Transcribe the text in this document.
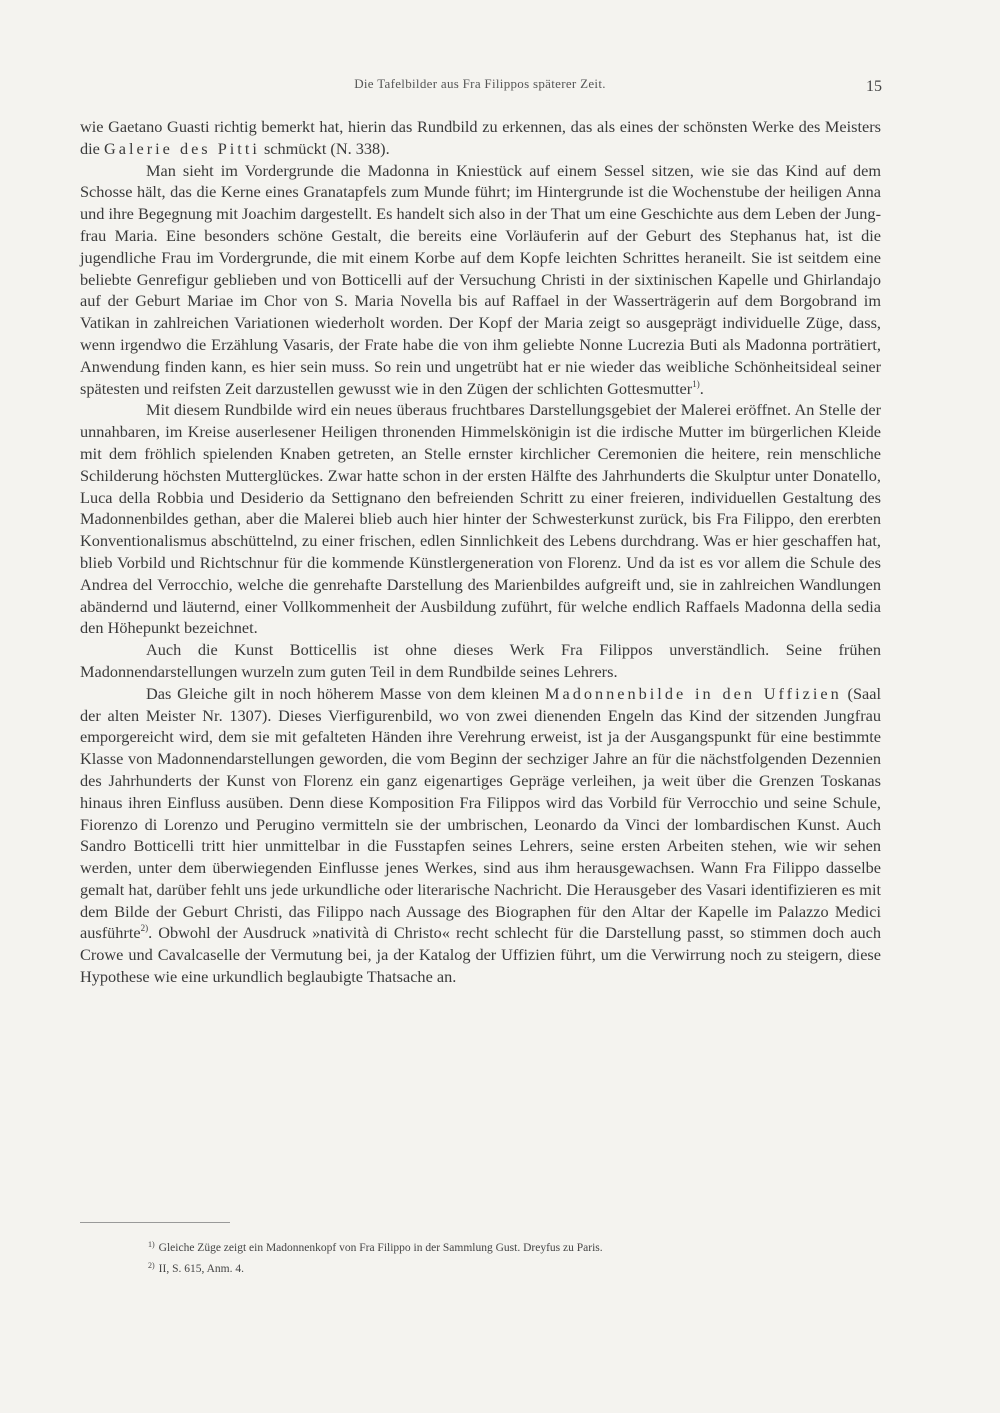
Die Tafelbilder aus Fra Filippos späterer Zeit.	15

wie Gaetano Guasti richtig bemerkt hat, hierin das Rundbild zu erkennen, das als eines der schönsten Werke des Meisters die Galerie des Pitti schmückt (N. 338).

Man sieht im Vordergrunde die Madonna in Kniestück auf einem Sessel sitzen, wie sie das Kind auf dem Schosse hält, das die Kerne eines Granatapfels zum Munde führt; im Hintergrunde ist die Wochenstube der heiligen Anna und ihre Begegnung mit Joachim dargestellt. Es handelt sich also in der That um eine Geschichte aus dem Leben der Jungfrau Maria. Eine besonders schöne Gestalt, die bereits eine Vorläuferin auf der Geburt des Stephanus hat, ist die jugendliche Frau im Vordergrunde, die mit einem Korbe auf dem Kopfe leichten Schrittes heraneilt. Sie ist seitdem eine beliebte Genrefigur geblieben und von Botticelli auf der Versuchung Christi in der sixtinischen Kapelle und Ghirlandajo auf der Geburt Mariae im Chor von S. Maria Novella bis auf Raffael in der Wasserträgerin auf dem Borgobrand im Vatikan in zahlreichen Variationen wiederholt worden. Der Kopf der Maria zeigt so ausgeprägt individuelle Züge, dass, wenn irgendwo die Erzählung Vasaris, der Frate habe die von ihm geliebte Nonne Lucrezia Buti als Madonna porträtiert, Anwendung finden kann, es hier sein muss. So rein und ungetrübt hat er nie wieder das weibliche Schönheitsideal seiner spätesten und reifsten Zeit darzustellen gewusst wie in den Zügen der schlichten Gottesmutter$^{1)}$.

Mit diesem Rundbilde wird ein neues überaus fruchtbares Darstellungsgebiet der Malerei eröffnet. An Stelle der unnahbaren, im Kreise auserlesener Heiligen thronenden Himmelskönigin ist die irdische Mutter im bürgerlichen Kleide mit dem fröhlich spielenden Knaben getreten, an Stelle ernster kirchlicher Ceremonien die heitere, rein menschliche Schilderung höchsten Mutterglückes. Zwar hatte schon in der ersten Hälfte des Jahrhunderts die Skulptur unter Donatello, Luca della Robbia und Desiderio da Settignano den befreienden Schritt zu einer freieren, individuellen Gestaltung des Madonnenbildes gethan, aber die Malerei blieb auch hier hinter der Schwesterkunst zurück, bis Fra Filippo, den ererbten Konventionalismus abschüttelnd, zu einer frischen, edlen Sinnlichkeit des Lebens durchdrang. Was er hier geschaffen hat, blieb Vorbild und Richtschnur für die kommende Künstlergeneration von Florenz. Und da ist es vor allem die Schule des Andrea del Verrocchio, welche die genrehafte Darstellung des Marienbildes aufgreift und, sie in zahlreichen Wandlungen abändernd und läuternd, einer Vollkommenheit der Ausbildung zuführt, für welche endlich Raffaels Madonna della sedia den Höhepunkt bezeichnet.

Auch die Kunst Botticellis ist ohne dieses Werk Fra Filippos unverständlich. Seine frühen Madonnendarstellungen wurzeln zum guten Teil in dem Rundbilde seines Lehrers.

Das Gleiche gilt in noch höherem Masse von dem kleinen Madonnenbilde in den Uffizien (Saal der alten Meister Nr. 1307). Dieses Vierfigurenbild, wo von zwei dienenden Engeln das Kind der sitzenden Jungfrau emporgereicht wird, dem sie mit gefalteten Händen ihre Verehrung erweist, ist ja der Ausgangspunkt für eine bestimmte Klasse von Madonnendarstellungen geworden, die vom Beginn der sechziger Jahre an für die nächstfolgenden Dezennien des Jahrhunderts der Kunst von Florenz ein ganz eigenartiges Gepräge verleihen, ja weit über die Grenzen Toskanas hinaus ihren Einfluss ausüben. Denn diese Komposition Fra Filippos wird das Vorbild für Verrocchio und seine Schule, Fiorenzo di Lorenzo und Perugino vermitteln sie der umbrischen, Leonardo da Vinci der lombardischen Kunst. Auch Sandro Botticelli tritt hier unmittelbar in die Fusstapfen seines Lehrers, seine ersten Arbeiten stehen, wie wir sehen werden, unter dem überwiegenden Einflusse jenes Werkes, sind aus ihm herausgewachsen. Wann Fra Filippo dasselbe gemalt hat, darüber fehlt uns jede urkundliche oder literarische Nachricht. Die Herausgeber des Vasari identifizieren es mit dem Bilde der Geburt Christi, das Filippo nach Aussage des Biographen für den Altar der Kapelle im Palazzo Medici ausführte$^{2)}$. Obwohl der Ausdruck »natività di Christo« recht schlecht für die Darstellung passt, so stimmen doch auch Crowe und Cavalcaselle der Vermutung bei, ja der Katalog der Uffizien führt, um die Verwirrung noch zu steigern, diese Hypothese wie eine urkundlich beglaubigte Thatsache an.

$^{1)}$ Gleiche Züge zeigt ein Madonnenkopf von Fra Filippo in der Sammlung Gust. Dreyfus zu Paris.
$^{2)}$ II, S. 615, Anm. 4.
